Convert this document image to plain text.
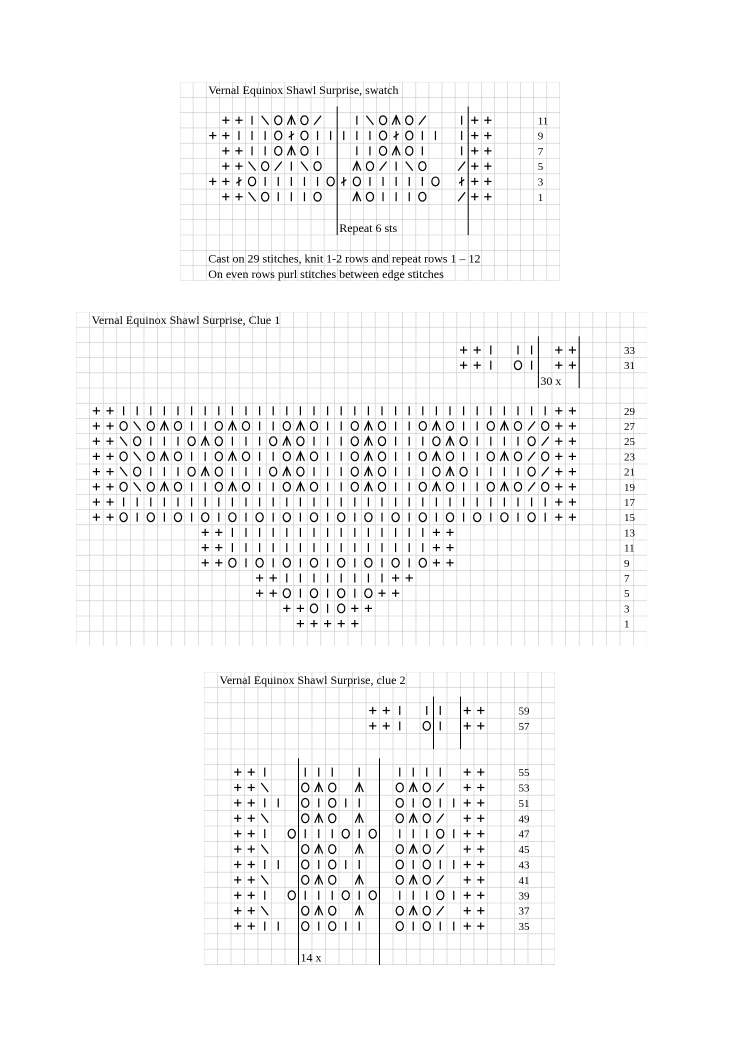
Vernal Equinox Shawl Surprise, swatch
11
9
7
5
3
1
Repeat 6 sts
Cast on 29 stitches, knit 1-2 rows and repeat rows 1 – 12
On even rows purl stitches between edge stitches
Vernal Equinox Shawl Surprise, Clue 1
33
31
29
27
25
23
21
19
17
15
13
11
9
7
5
3
1
30 x
Vernal Equinox Shawl Surprise, clue 2
59
57
55
53
51
49
47
45
43
41
39
37
35
14 x
